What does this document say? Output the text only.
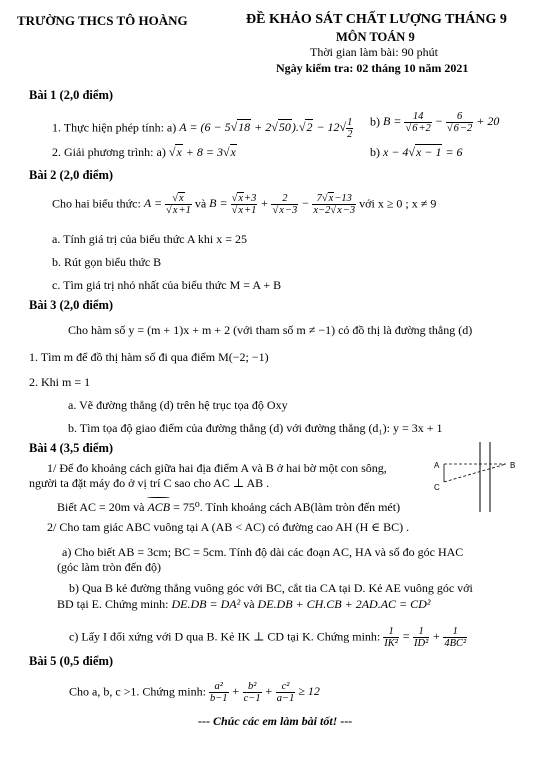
TRƯỜNG THCS TÔ HOÀNG	ĐỀ KHẢO SÁT CHẤT LƯỢNG THÁNG 9
MÔN TOÁN 9
Thời gian làm bài: 90 phút
Ngày kiểm tra: 02 tháng 10 năm 2021
Bài 1 (2,0 điểm)
1. Thực hiện phép tính: a) $A = (6 - 5√18 + 2√50).√2 - 12√ \frac{1}{2} b$) $B = \frac{14}{√6+2} - \frac{6}{√6-2} + 20$
2. Giải phương trình: a) √x + 8 = 3√x	b) x − 4√x − 1 = 6
Bài 2 (2,0 điểm)
Cho hai biểu thức: $A = \frac{√x}{√x+1}$ và $B = \frac{√x+3}{√x+1} + \frac{2}{√x-3} - \frac{7√x-13}{x-2√x-3}$ với x ≥ 0 ; x ≠ 9
a. Tính giá trị của biểu thức A khi x = 25
b. Rút gọn biểu thức B
c. Tìm giá trị nhỏ nhất của biểu thức M = A + B
Bài 3 (2,0 điểm)
Cho hàm số y = (m + 1)x + m + 2 (với tham số m ≠ −1) có đồ thị là đường thẳng (d)
1. Tìm m để đồ thị hàm số đi qua điểm M(−2; −1)
2. Khi m = 1
a. Vẽ đường thẳng (d) trên hệ trục tọa độ Oxy
b. Tìm tọa độ giao điểm của đường thẳng (d) với đường thẳng (d₁): y = 3x + 1
Bài 4 (3,5 điểm)
1/ Để đo khoảng cách giữa hai địa điểm A và B ở hai bờ một con sông,
người ta đặt máy đo ở vị trí C sao cho AC ⊥ AB .
Biết AC = 20m và ACB = 75⁰. Tính khoảng cách AB(làm tròn đến mét)
A	B
C
2/ Cho tam giác ABC vuông tại A (AB < AC) có đường cao AH (H ∈ BC) .
a) Cho biết AB = 3cm; BC = 5cm. Tính độ dài các đoạn AC, HA và số đo góc HAC
(góc làm tròn đến độ)
b) Qua B kẻ đường thẳng vuông góc với BC, cắt tia CA tại D. Kẻ AE vuông góc với
BD tại E. Chứng minh: DE.DB = DA² và DE.DB + CH.CB + 2AD.AC = CD²
c) Lấy I đối xứng với D qua B. Kẻ IK ⊥ CD tại K. Chứng minh: $\frac{1}{\text{IK²}} = \frac{1}{\text{ID²}} + \frac{1}{\text{4BC²}}$
Bài 5 (0,5 điểm)
Cho a, b, c >1. Chứng minh: $\frac{\text{a²}}{b-1} + \frac{\text{b²}}{c-1} + \frac{\text{c²}}{a-1} \ge 12$
--- Chúc các em làm bài tốt! ---
